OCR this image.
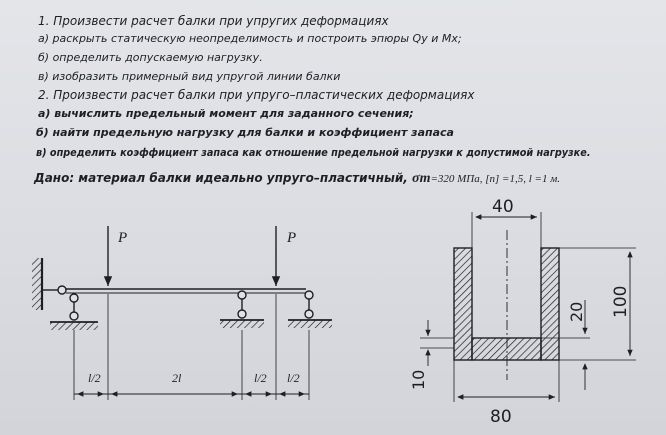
1. Произвести расчет балки при упругих деформациях
а) раскрыть статическую неопределимость и построить эпюры Qy и Mx;
б) определить допускаемую нагрузку.
в) изобразить примерный вид упругой линии балки
2. Произвести расчет балки при упруго–пластических деформациях
а) вычислить предельный момент для заданного сечения;
б) найти предельную нагрузку для балки и коэффициент запаса
в) определить коэффициент запаса как отношение предельной нагрузки к допустимой нагрузке.
Дано: материал балки идеально упруго–пластичный, σт=320 МПа, [n] =1,5, l =1 м.
P	P
l/2	2l	l/2 l/2
40
20 100
10
80
